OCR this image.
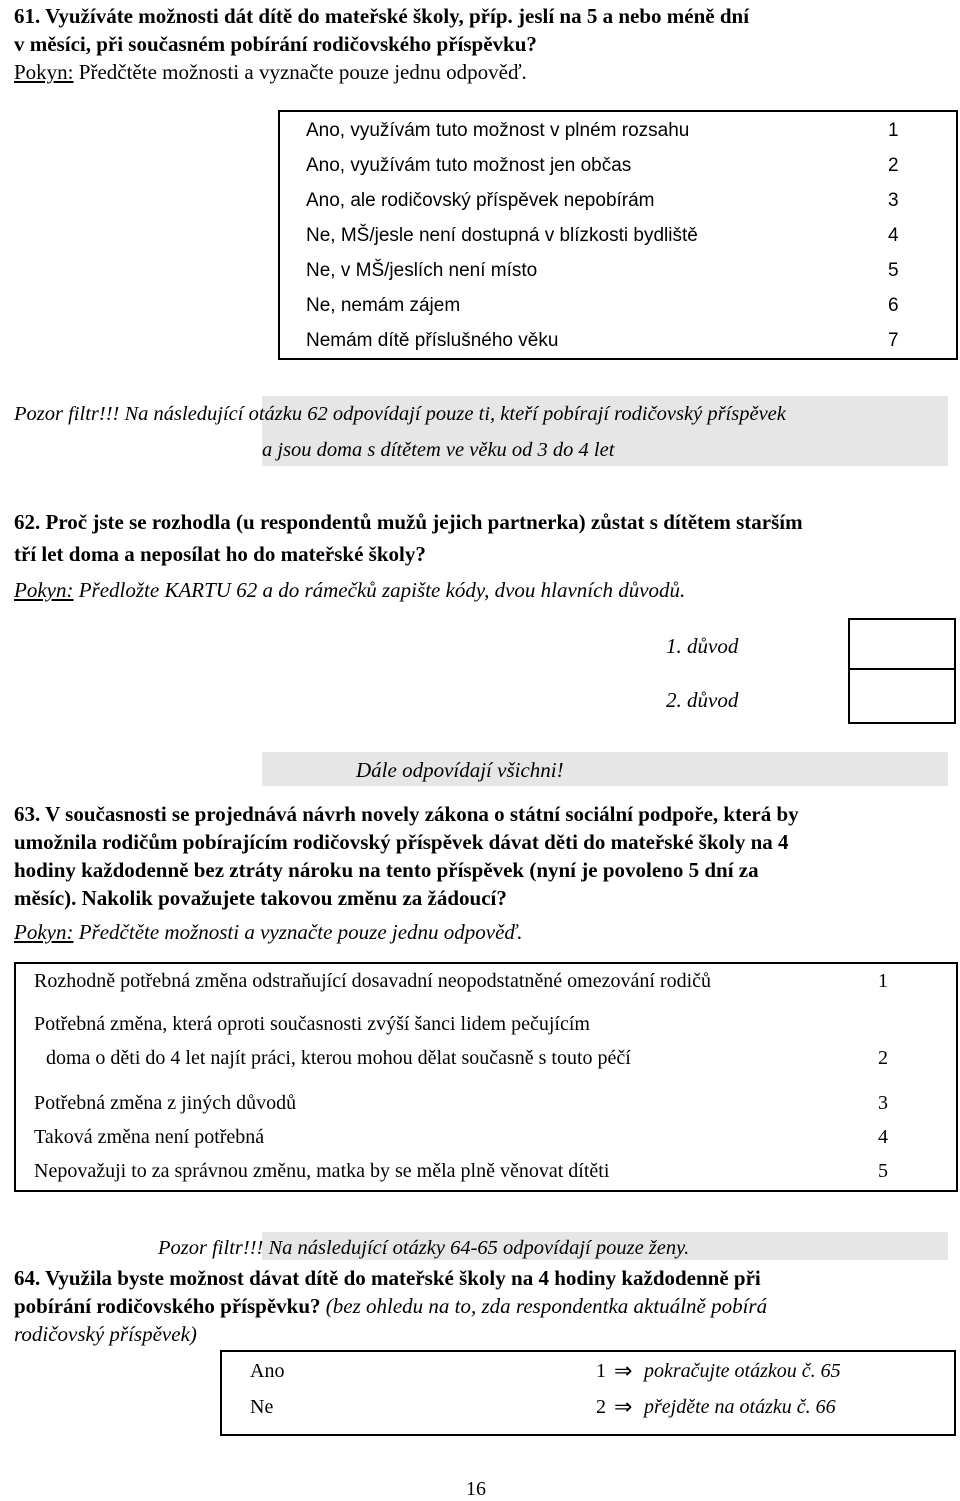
61. Využíváte možnosti dát dítě do mateřské školy, příp. jeslí na 5 a nebo méně dní
v měsíci, při současném pobírání rodičovského příspěvku?
Pokyn: Předčtěte možnosti a vyznačte pouze jednu odpověď.
Ano, využívám tuto možnost v plném rozsahu	1
Ano, využívám tuto možnost jen občas	2
Ano, ale rodičovský příspěvek nepobírám	3
Ne, MŠ/jesle není dostupná v blízkosti bydliště	4
Ne, v MŠ/jeslích není místo	5
Ne, nemám zájem	6
Nemám dítě příslušného věku	7
Pozor filtr!!! Na následující otázku 62 odpovídají pouze ti, kteří pobírají rodičovský příspěvek
a jsou doma s dítětem ve věku od 3 do 4 let
62. Proč jste se rozhodla (u respondentů mužů jejich partnerka) zůstat s dítětem starším
tří let doma a neposílat ho do mateřské školy?
Pokyn: Předložte KARTU 62 a do rámečků zapište kódy, dvou hlavních důvodů.
1. důvod
2. důvod
Dále odpovídají všichni!
63. V současnosti se projednává návrh novely zákona o státní sociální podpoře, která by
umožnila rodičům pobírajícím rodičovský příspěvek dávat děti do mateřské školy na 4
hodiny každodenně bez ztráty nároku na tento příspěvek (nyní je povoleno 5 dní za
měsíc). Nakolik považujete takovou změnu za žádoucí?
Pokyn: Předčtěte možnosti a vyznačte pouze jednu odpověď.
Rozhodně potřebná změna odstraňující dosavadní neopodstatněné omezování rodičů	1
Potřebná změna, která oproti současnosti zvýší šanci lidem pečujícím
doma o děti do 4 let najít práci, kterou mohou dělat současně s touto péčí	2
Potřebná změna z jiných důvodů	3
Taková změna není potřebná	4
Nepovažuji to za správnou změnu, matka by se měla plně věnovat dítěti	5
Pozor filtr!!! Na následující otázky 64-65 odpovídají pouze ženy.
64. Využila byste možnost dávat dítě do mateřské školy na 4 hodiny každodenně při
pobírání rodičovského příspěvku? (bez ohledu na to, zda respondentka aktuálně pobírá
rodičovský příspěvek)
Ano	1 ⇒ pokračujte otázkou č. 65
Ne	2 ⇒ přejděte na otázku č. 66
16
